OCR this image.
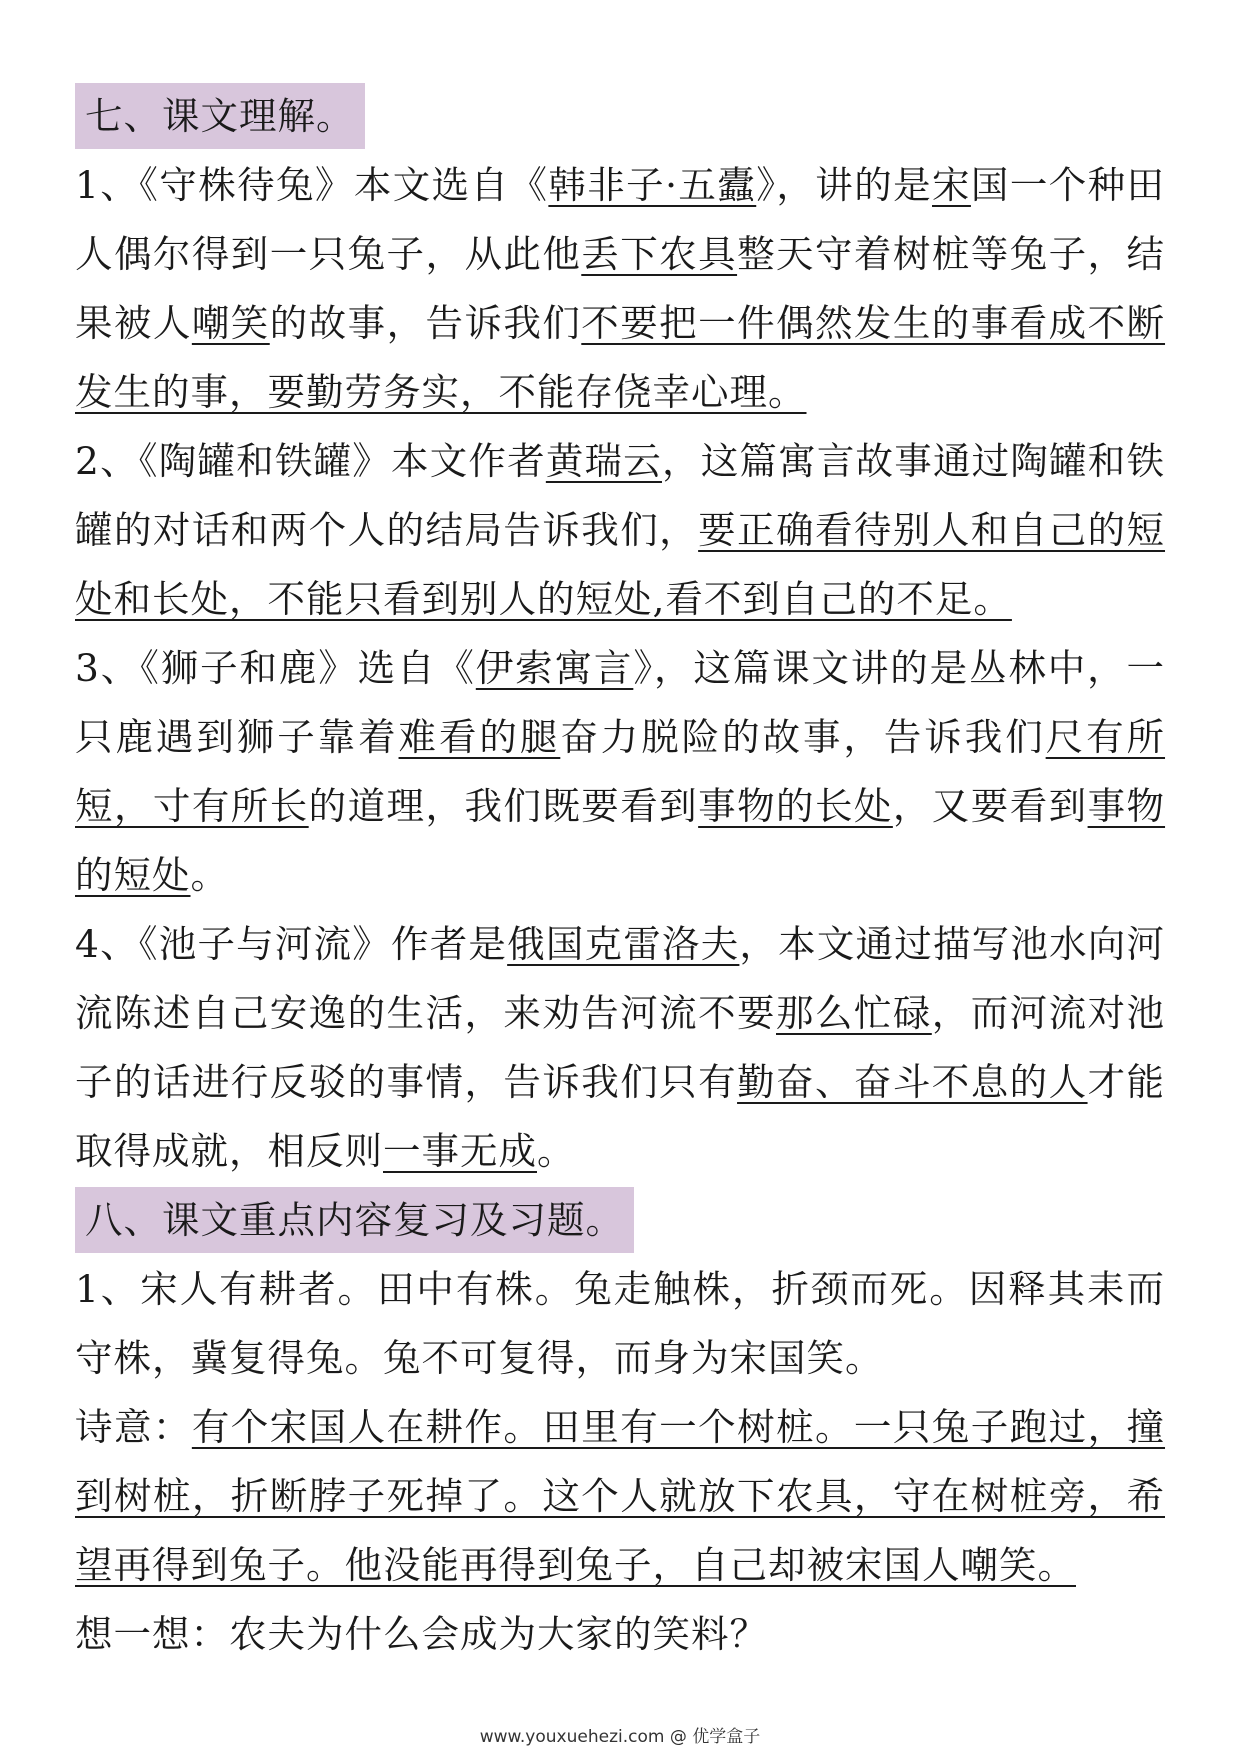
七、课文理解。

1、《守株待兔》本文选自《韩非子·五蠹》，讲的是宋国一个种田人偶尔得到一只兔子，从此他丢下农具整天守着树桩等兔子，结果被人嘲笑的故事，告诉我们不要把一件偶然发生的事看成不断发生的事，要勤劳务实，不能存侥幸心理。

2、《陶罐和铁罐》本文作者黄瑞云，这篇寓言故事通过陶罐和铁罐的对话和两个人的结局告诉我们，要正确看待别人和自己的短处和长处，不能只看到别人的短处,看不到自己的不足。

3、《狮子和鹿》选自《伊索寓言》，这篇课文讲的是丛林中，一只鹿遇到狮子靠着难看的腿奋力脱险的故事，告诉我们尺有所短，寸有所长的道理，我们既要看到事物的长处，又要看到事物的短处。

4、《池子与河流》作者是俄国克雷洛夫，本文通过描写池水向河流陈述自己安逸的生活，来劝告河流不要那么忙碌，而河流对池子的话进行反驳的事情，告诉我们只有勤奋、奋斗不息的人才能取得成就，相反则一事无成。

八、课文重点内容复习及习题。

1、宋人有耕者。田中有株。兔走触株，折颈而死。因释其耒而守株，冀复得兔。兔不可复得，而身为宋国笑。

诗意：有个宋国人在耕作。田里有一个树桩。一只兔子跑过，撞到树桩，折断脖子死掉了。这个人就放下农具，守在树桩旁，希望再得到兔子。他没能再得到兔子，自己却被宋国人嘲笑。

想一想：农夫为什么会成为大家的笑料？

www.youxuehezi.com @ 优学盒子
